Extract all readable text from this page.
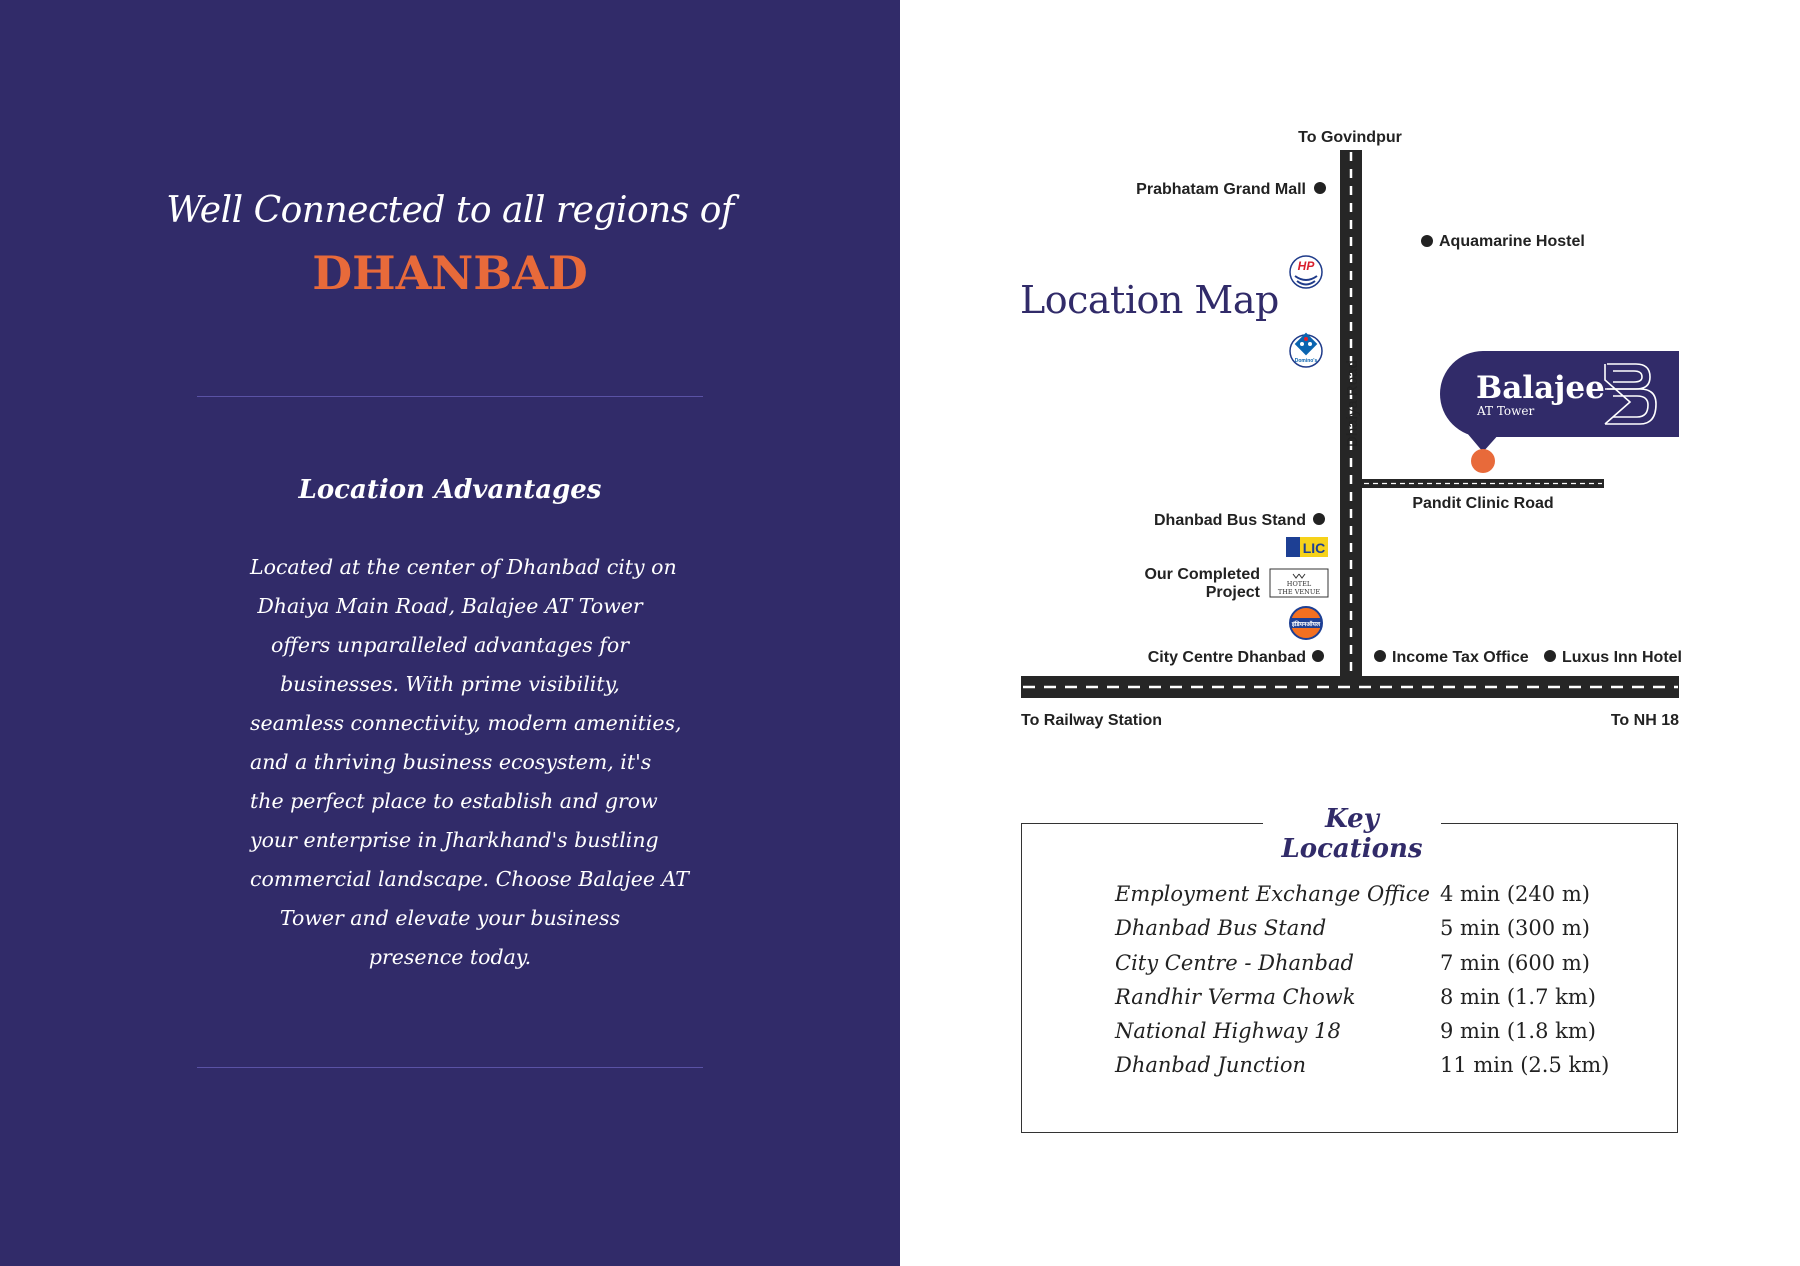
Well Connected to all regions of
DHANBAD
Location Advantages
Located at the center of Dhanbad city on
Dhaiya Main Road, Balajee AT Tower
offers unparalleled advantages for
businesses. With prime visibility,
seamless connectivity, modern amenities,
and a thriving business ecosystem, it's
the perfect place to establish and grow
your enterprise in Jharkhand's bustling
commercial landscape. Choose Balajee AT
Tower and elevate your business
presence today.
Location Map
To Govindpur
Prabhatam Grand Mall
Aquamarine Hostel
Dhaiya Road
Pandit Clinic Road
Dhanbad Bus Stand
Our Completed
Project
City Centre Dhanbad	Income Tax Office Luxus Inn Hotel
To Railway Station	To NH 18
HP
Domino's
LIC
HOTEL
THE VENUE
इंडियनऑयल
Balajee
AT Tower
Key Locations
Employment Exchange Office 4 min (240 m)
Dhanbad Bus Stand	5 min (300 m)
City Centre - Dhanbad	7 min (600 m)
Randhir Verma Chowk	8 min (1.7 km)
National Highway 18	9 min (1.8 km)
Dhanbad Junction	11 min (2.5 km)
